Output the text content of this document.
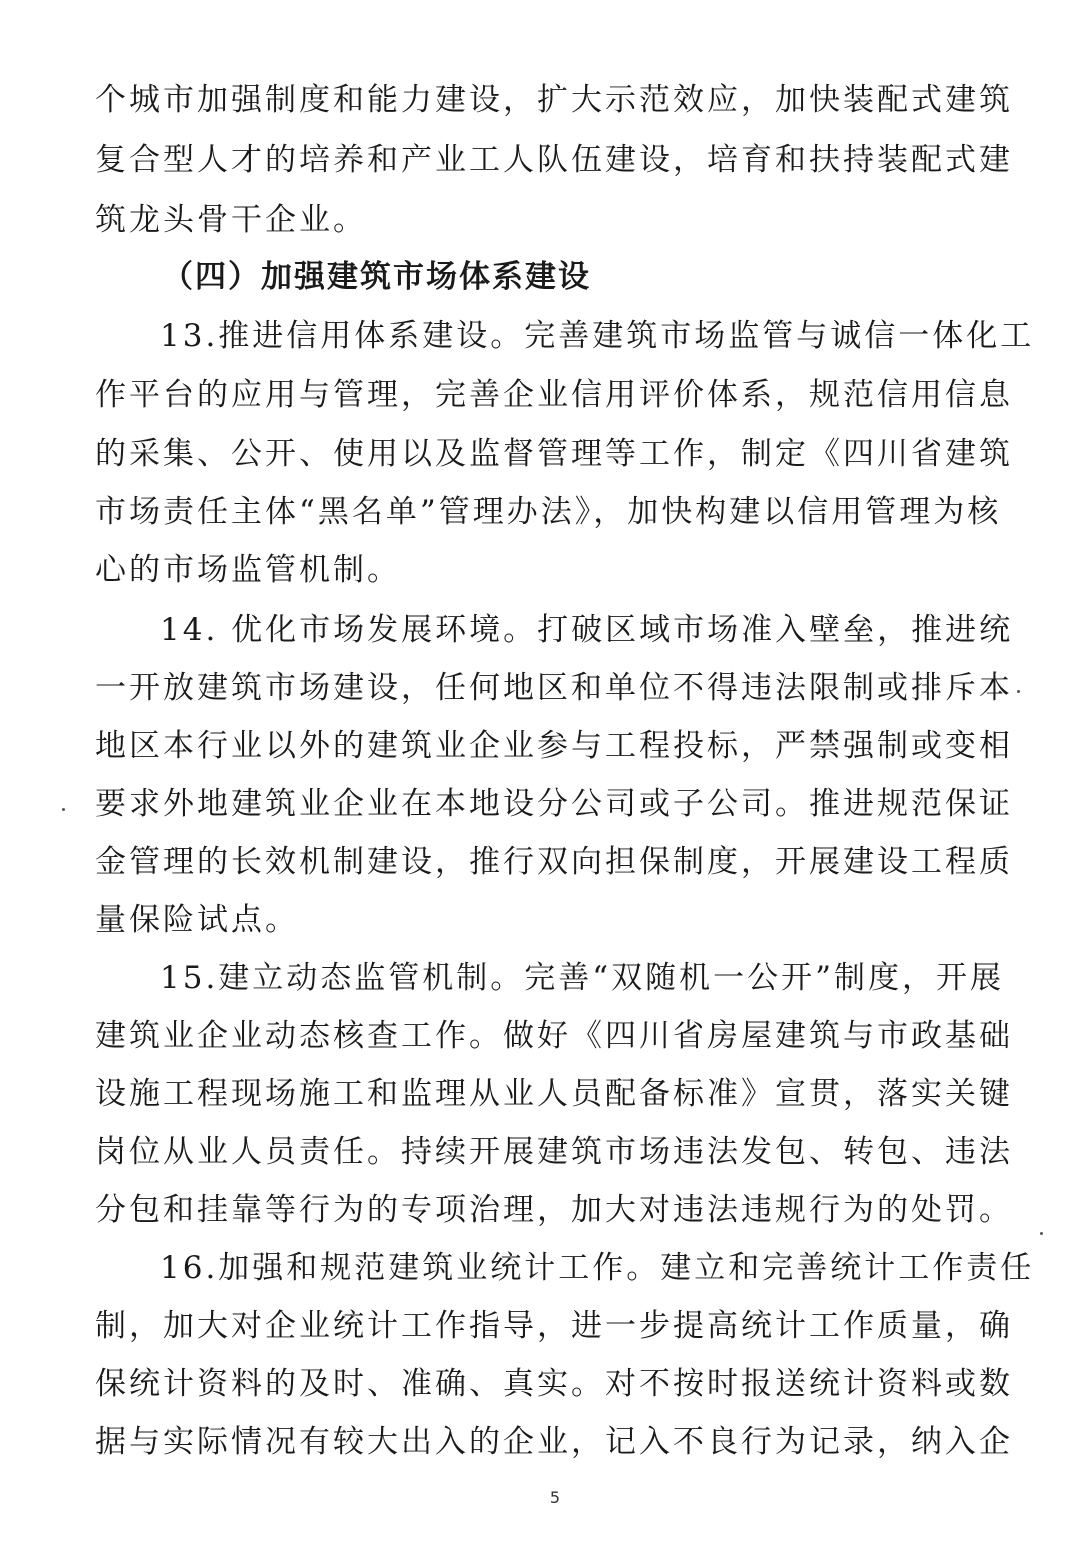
个城市加强制度和能力建设，扩大示范效应，加快装配式建筑
复合型人才的培养和产业工人队伍建设，培育和扶持装配式建
筑龙头骨干企业。
（四）加强建筑市场体系建设
13.推进信用体系建设。完善建筑市场监管与诚信一体化工
作平台的应用与管理，完善企业信用评价体系，规范信用信息
的采集、公开、使用以及监督管理等工作，制定《四川省建筑
市场责任主体“黑名单”管理办法》，加快构建以信用管理为核
心的市场监管机制。
14. 优化市场发展环境。打破区域市场准入壁垒，推进统
一开放建筑市场建设，任何地区和单位不得违法限制或排斥本
地区本行业以外的建筑业企业参与工程投标，严禁强制或变相
要求外地建筑业企业在本地设分公司或子公司。推进规范保证
金管理的长效机制建设，推行双向担保制度，开展建设工程质
量保险试点。
15.建立动态监管机制。完善“双随机一公开”制度，开展
建筑业企业动态核查工作。做好《四川省房屋建筑与市政基础
设施工程现场施工和监理从业人员配备标准》宣贯，落实关键
岗位从业人员责任。持续开展建筑市场违法发包、转包、违法
分包和挂靠等行为的专项治理，加大对违法违规行为的处罚。
16.加强和规范建筑业统计工作。建立和完善统计工作责任
制，加大对企业统计工作指导，进一步提高统计工作质量，确
保统计资料的及时、准确、真实。对不按时报送统计资料或数
据与实际情况有较大出入的企业，记入不良行为记录，纳入企
5
